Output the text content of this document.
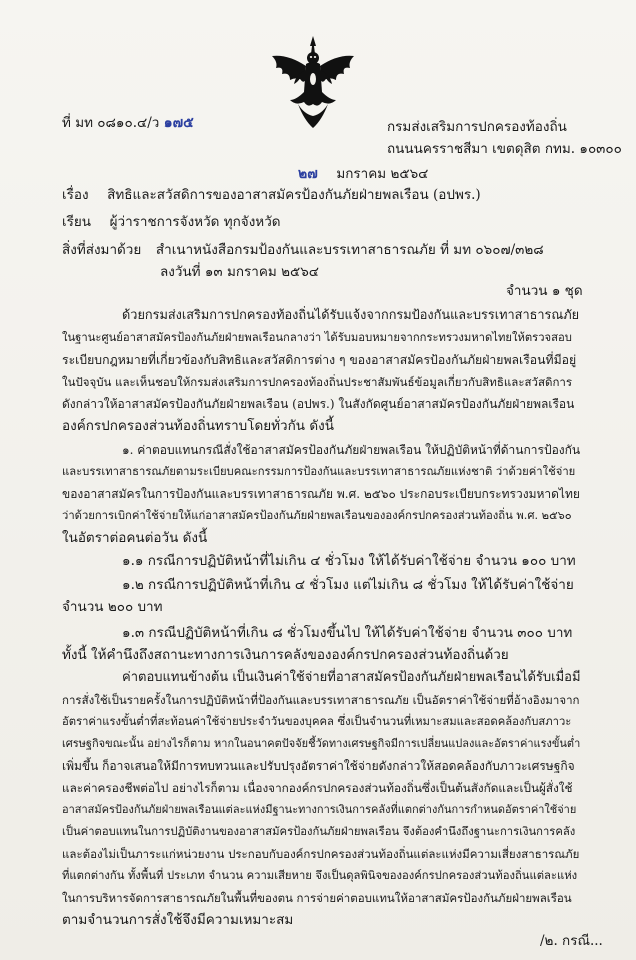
ที่ มท ๐๘๑๐.๔/ว ๑๗๕	กรมส่งเสริมการปกครองท้องถิ่น
ถนนนครราชสีมา เขตดุสิต กทม. ๑๐๓๐๐
๒๗ มกราคม ๒๕๖๔
เรื่อง สิทธิและสวัสดิการของอาสาสมัครป้องกันภัยฝ่ายพลเรือน (อปพร.)
เรียน ผู้ว่าราชการจังหวัด ทุกจังหวัด
สิ่งที่ส่งมาด้วย สำเนาหนังสือกรมป้องกันและบรรเทาสาธารณภัย ที่ มท ๐๖๐๗/๓๒๘
ลงวันที่ ๑๓ มกราคม ๒๕๖๔
จำนวน ๑ ชุด

ด้วยกรมส่งเสริมการปกครองท้องถิ่นได้รับแจ้งจากกรมป้องกันและบรรเทาสาธารณภัย

ในฐานะศูนย์อาสาสมัครป้องกันภัยฝ่ายพลเรือนกลางว่า ได้รับมอบหมายจากกระทรวงมหาดไทยให้ตรวจสอบ

ระเบียบกฎหมายที่เกี่ยวข้องกับสิทธิและสวัสดิการต่าง ๆ ของอาสาสมัครป้องกันภัยฝ่ายพลเรือนที่มีอยู่

ในปัจจุบัน และเห็นชอบให้กรมส่งเสริมการปกครองท้องถิ่นประชาสัมพันธ์ข้อมูลเกี่ยวกับสิทธิและสวัสดิการ

ดังกล่าวให้อาสาสมัครป้องกันภัยฝ่ายพลเรือน (อปพร.) ในสังกัดศูนย์อาสาสมัครป้องกันภัยฝ่ายพลเรือน

องค์กรปกครองส่วนท้องถิ่นทราบโดยทั่วกัน ดังนี้

๑. ค่าตอบแทนกรณีสั่งใช้อาสาสมัครป้องกันภัยฝ่ายพลเรือน ให้ปฏิบัติหน้าที่ด้านการป้องกัน

และบรรเทาสาธารณภัยตามระเบียบคณะกรรมการป้องกันและบรรเทาสาธารณภัยแห่งชาติ ว่าด้วยค่าใช้จ่าย

ของอาสาสมัครในการป้องกันและบรรเทาสาธารณภัย พ.ศ. ๒๕๖๐ ประกอบระเบียบกระทรวงมหาดไทย

ว่าด้วยการเบิกค่าใช้จ่ายให้แก่อาสาสมัครป้องกันภัยฝ่ายพลเรือนขององค์กรปกครองส่วนท้องถิ่น พ.ศ. ๒๕๖๐

ในอัตราต่อคนต่อวัน ดังนี้

๑.๑ กรณีการปฏิบัติหน้าที่ไม่เกิน ๔ ชั่วโมง ให้ได้รับค่าใช้จ่าย จำนวน ๑๐๐ บาท
๑.๒ กรณีการปฏิบัติหน้าที่เกิน ๔ ชั่วโมง แต่ไม่เกิน ๘ ชั่วโมง ให้ได้รับค่าใช้จ่าย
จำนวน ๒๐๐ บาท
๑.๓ กรณีปฏิบัติหน้าที่เกิน ๘ ชั่วโมงขึ้นไป ให้ได้รับค่าใช้จ่าย จำนวน ๓๐๐ บาท
ทั้งนี้ ให้คำนึงถึงสถานะทางการเงินการคลังขององค์กรปกครองส่วนท้องถิ่นด้วย

ค่าตอบแทนข้างต้น เป็นเงินค่าใช้จ่ายที่อาสาสมัครป้องกันภัยฝ่ายพลเรือนได้รับเมื่อมี

การสั่งใช้เป็นรายครั้งในการปฏิบัติหน้าที่ป้องกันและบรรเทาสาธารณภัย เป็นอัตราค่าใช้จ่ายที่อ้างอิงมาจาก

อัตราค่าแรงขั้นต่ำที่สะท้อนค่าใช้จ่ายประจำวันของบุคคล ซึ่งเป็นจำนวนที่เหมาะสมและสอดคล้องกับสภาวะ

เศรษฐกิจขณะนั้น อย่างไรก็ตาม หากในอนาคตปัจจัยชี้วัดทางเศรษฐกิจมีการเปลี่ยนแปลงและอัตราค่าแรงขั้นต่ำ

เพิ่มขึ้น ก็อาจเสนอให้มีการทบทวนและปรับปรุงอัตราค่าใช้จ่ายดังกล่าวให้สอดคล้องกับภาวะเศรษฐกิจ

และค่าครองชีพต่อไป อย่างไรก็ตาม เนื่องจากองค์กรปกครองส่วนท้องถิ่นซึ่งเป็นต้นสังกัดและเป็นผู้สั่งใช้

อาสาสมัครป้องกันภัยฝ่ายพลเรือนแต่ละแห่งมีฐานะทางการเงินการคลังที่แตกต่างกันการกำหนดอัตราค่าใช้จ่าย

เป็นค่าตอบแทนในการปฏิบัติงานของอาสาสมัครป้องกันภัยฝ่ายพลเรือน จึงต้องคำนึงถึงฐานะการเงินการคลัง

และต้องไม่เป็นภาระแก่หน่วยงาน ประกอบกับองค์กรปกครองส่วนท้องถิ่นแต่ละแห่งมีความเสี่ยงสาธารณภัย

ที่แตกต่างกัน ทั้งพื้นที่ ประเภท จำนวน ความเสียหาย จึงเป็นดุลพินิจขององค์กรปกครองส่วนท้องถิ่นแต่ละแห่ง

ในการบริหารจัดการสาธารณภัยในพื้นที่ของตน การจ่ายค่าตอบแทนให้อาสาสมัครป้องกันภัยฝ่ายพลเรือน

ตามจำนวนการสั่งใช้จึงมีความเหมาะสม

/๒. กรณี...
